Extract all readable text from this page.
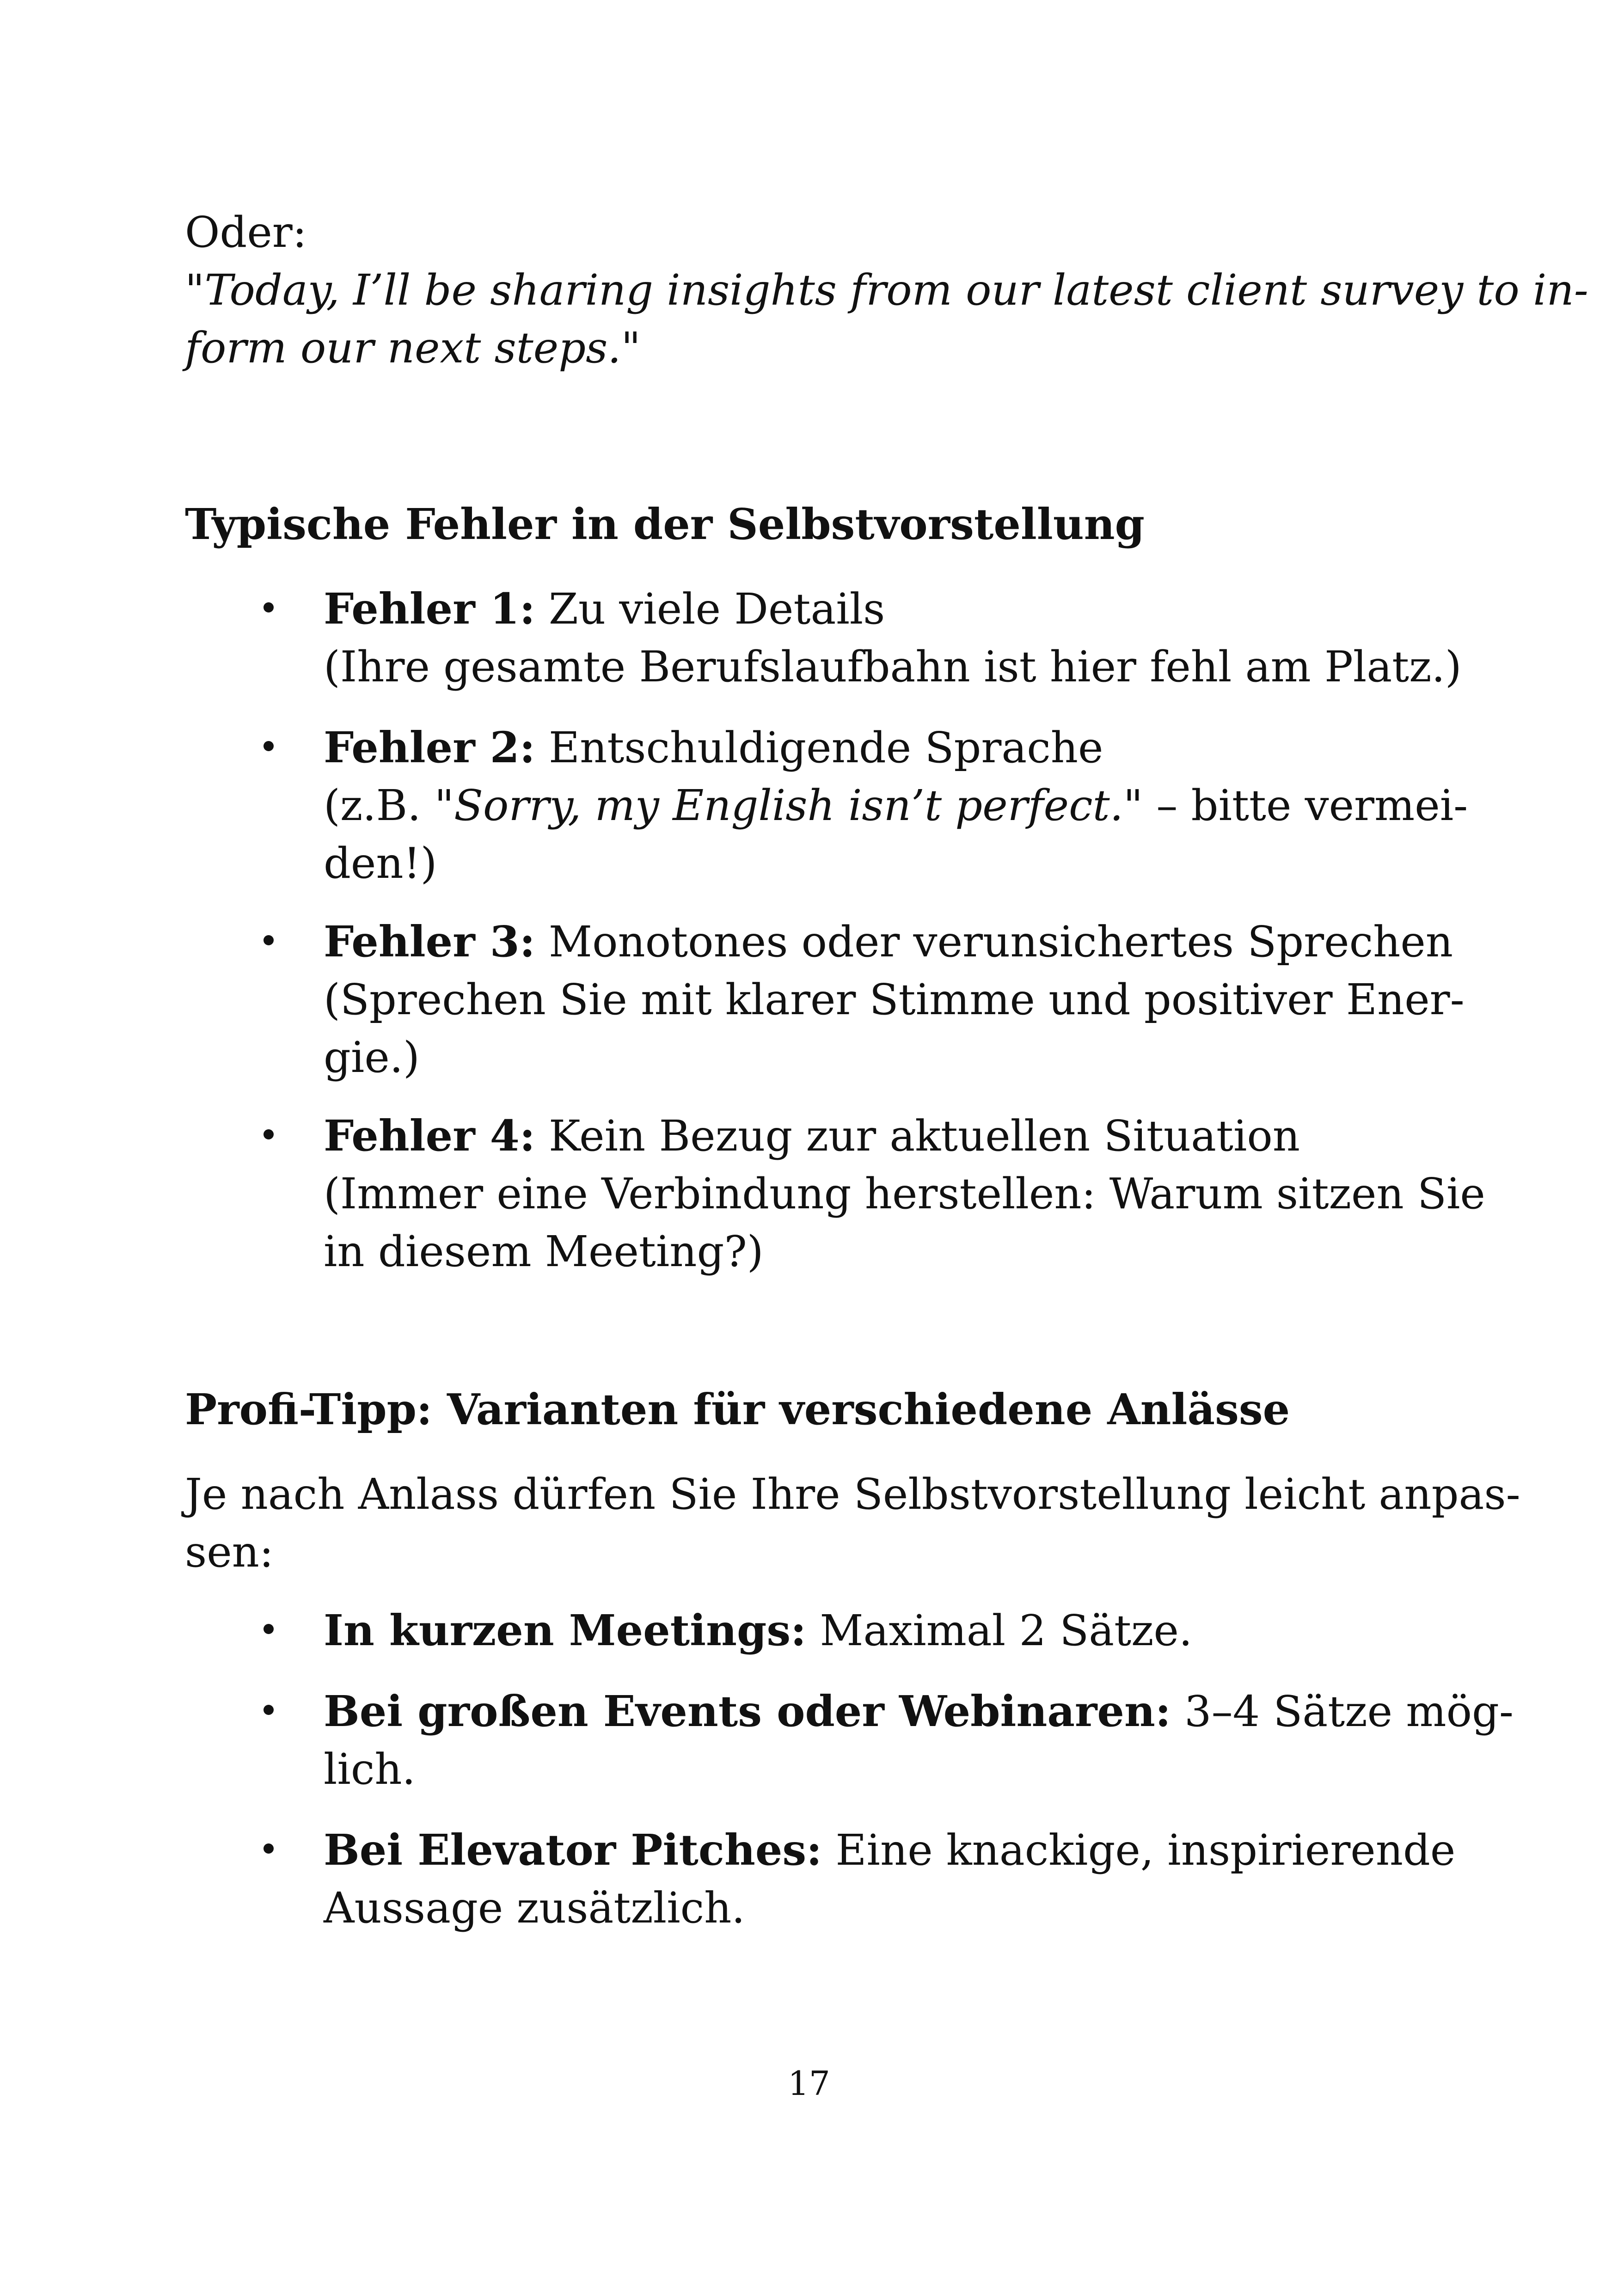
Oder:

"Today, I’ll be sharing insights from our latest client survey to in-
form our next steps."
Typische Fehler in der Selbstvorstellung
Fehler 1: Zu viele Details
(Ihre gesamte Berufslaufbahn ist hier fehl am Platz.)
Fehler 2: Entschuldigende Sprache
(z.B. "Sorry, my English isn’t perfect." – bitte vermei-
den!)
Fehler 3: Monotones oder verunsichertes Sprechen
(Sprechen Sie mit klarer Stimme und positiver Ener-
gie.)
Fehler 4: Kein Bezug zur aktuellen Situation
(Immer eine Verbindung herstellen: Warum sitzen Sie
in diesem Meeting?)
Profi-Tipp: Varianten für verschiedene Anlässe
Je nach Anlass dürfen Sie Ihre Selbstvorstellung leicht anpas-
sen:
In kurzen Meetings: Maximal 2 Sätze.
Bei großen Events oder Webinaren: 3–4 Sätze mög-
lich.
Bei Elevator Pitches: Eine knackige, inspirierende
Aussage zusätzlich.
17
